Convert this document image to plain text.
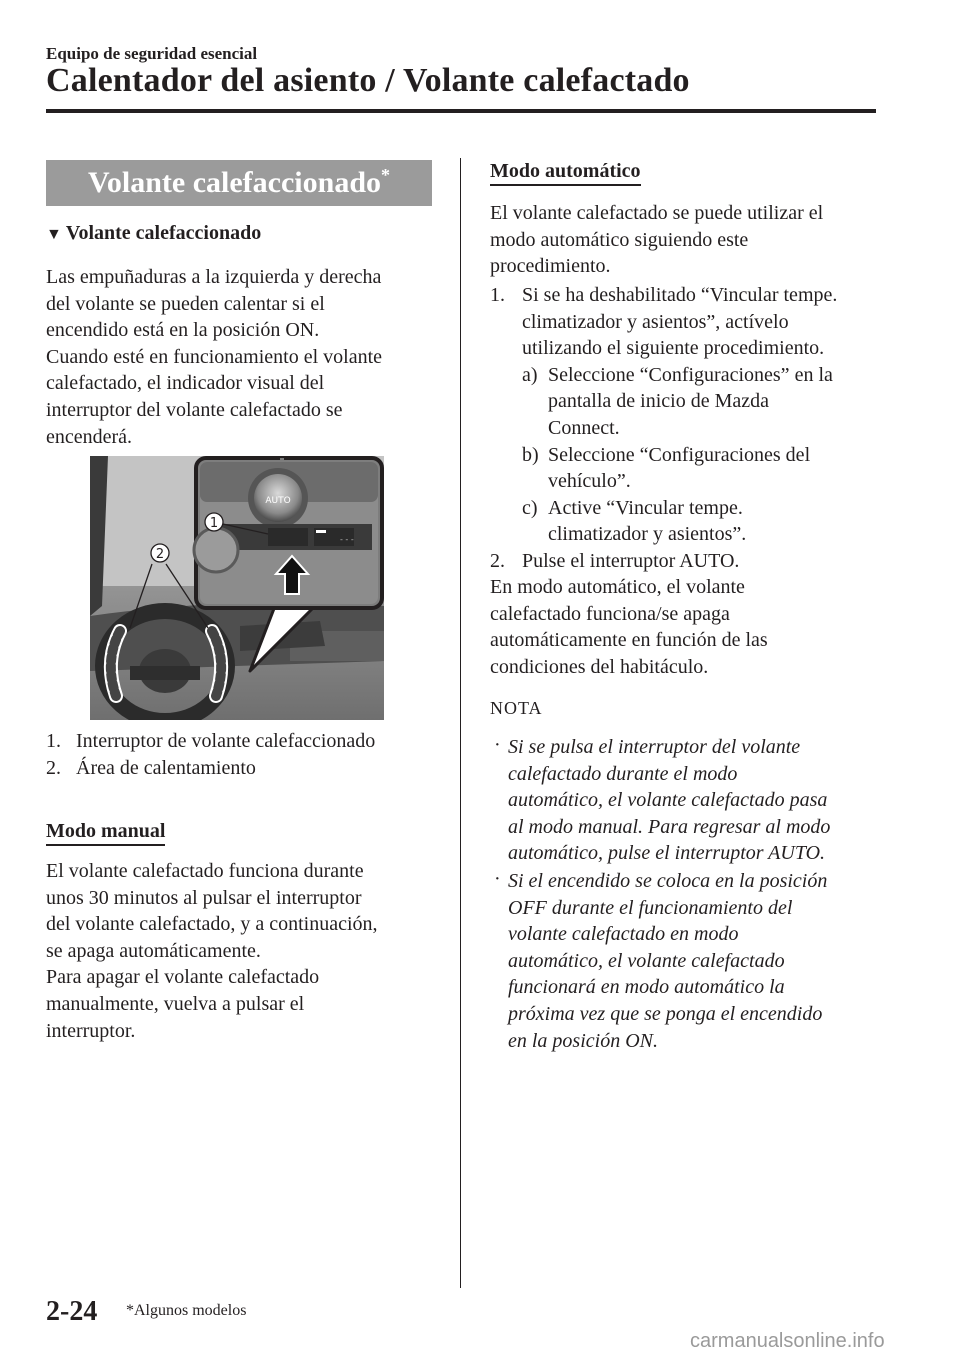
Equipo de seguridad esencial
Calentador del asiento / Volante calefactado
Volante calefaccionado*
▼ Volante calefaccionado
Las empuñaduras a la izquierda y derecha
del volante se pueden calentar si el
encendido está en la posición ON.
Cuando esté en funcionamiento el volante
calefactado, el indicador visual del
interruptor del volante calefactado se
encenderá.
2
AUTO
- - -
1
1. Interruptor de volante calefaccionado
2. Área de calentamiento
Modo manual
El volante calefactado funciona durante
unos 30 minutos al pulsar el interruptor
del volante calefactado, y a continuación,
se apaga automáticamente.
Para apagar el volante calefactado
manualmente, vuelva a pulsar el
interruptor.
Modo automático
El volante calefactado se puede utilizar el
modo automático siguiendo este
procedimiento.
1. Si se ha deshabilitado “Vincular tempe.
climatizador y asientos”, actívelo
utilizando el siguiente procedimiento.
a) Seleccione “Configuraciones” en la
pantalla de inicio de Mazda
Connect.
b) Seleccione “Configuraciones del
vehículo”.
c) Active “Vincular tempe.
climatizador y asientos”.
2. Pulse el interruptor AUTO.
En modo automático, el volante
calefactado funciona/se apaga
automáticamente en función de las
condiciones del habitáculo.
NOTA
· Si se pulsa el interruptor del volante
calefactado durante el modo
automático, el volante calefactado pasa
al modo manual. Para regresar al modo
automático, pulse el interruptor AUTO.
· Si el encendido se coloca en la posición
OFF durante el funcionamiento del
volante calefactado en modo
automático, el volante calefactado
funcionará en modo automático la
próxima vez que se ponga el encendido
en la posición ON.
2-24 *Algunos modelos
carmanualsonline.info
